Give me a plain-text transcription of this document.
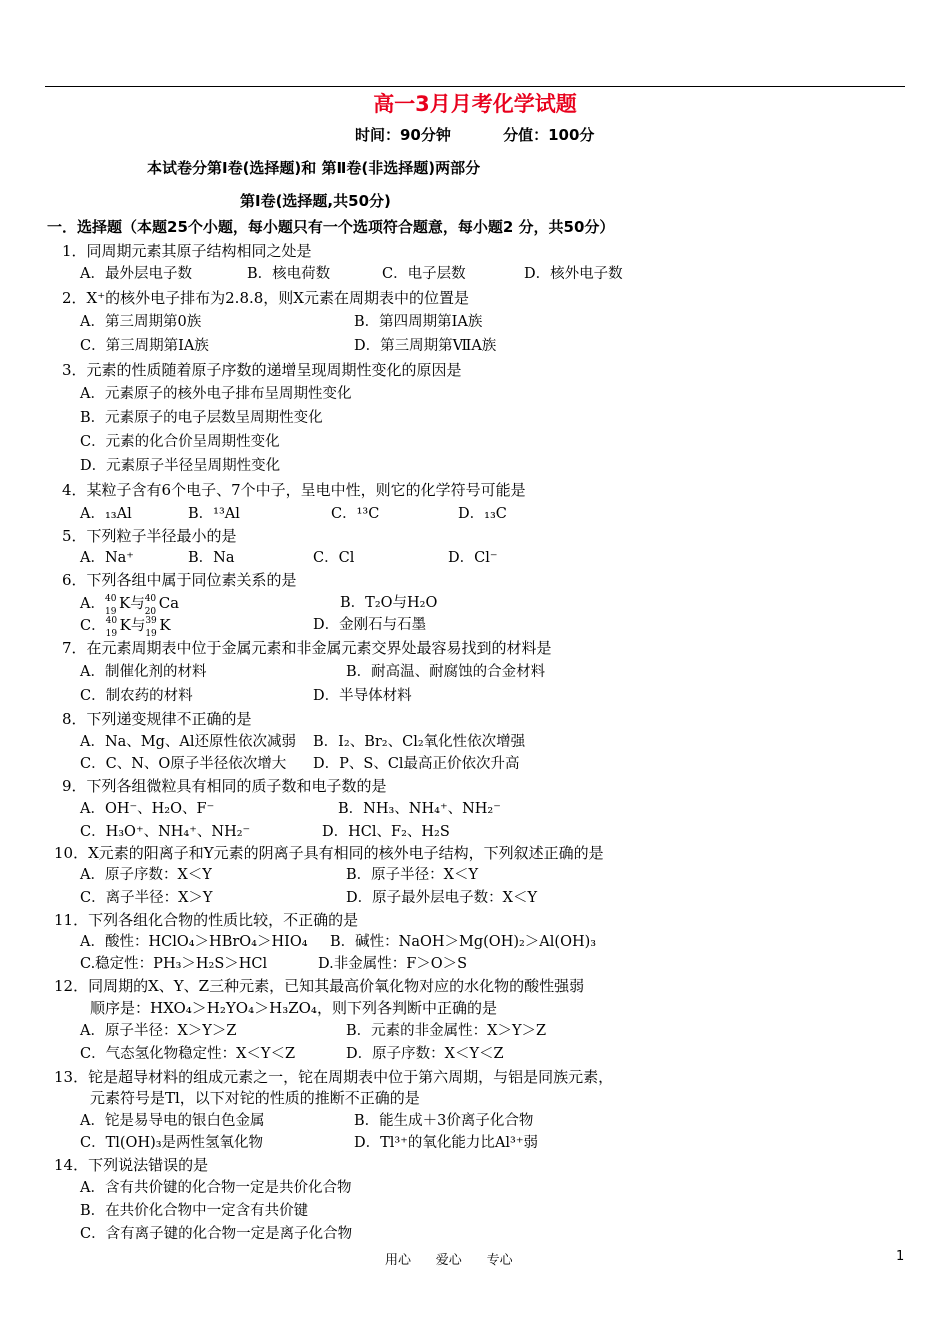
高一3月月考化学试题
时间：90分钟          分值：100分
本试卷分第Ⅰ卷(选择题)和 第Ⅱ卷(非选择题)两部分
第Ⅰ卷(选择题,共50分)
一．选择题（本题25个小题，每小题只有一个选项符合题意，每小题2 分，共50分）
1．同周期元素其原子结构相同之处是
A．最外层电子数	B．核电荷数	C．电子层数	D．核外电子数
2．X⁺的核外电子排布为2.8.8，则X元素在周期表中的位置是
A．第三周期第0族	B．第四周期第ⅠA族
C．第三周期第ⅠA族	D．第三周期第ⅦA族
3．元素的性质随着原子序数的递增呈现周期性变化的原因是
A．元素原子的核外电子排布呈周期性变化
B．元素原子的电子层数呈周期性变化
C．元素的化合价呈周期性变化
D．元素原子半径呈周期性变化
4．某粒子含有6个电子、7个中子，呈电中性，则它的化学符号可能是
A．₁₃Al	B．¹³Al	C．¹³C	D．₁₃C
5．下列粒子半径最小的是
A．Na⁺	B．Na	C．Cl	D．Cl⁻
6．下列各组中属于同位素关系的是
A． 40
19 K与 40
20 Ca	B．T₂O与H₂O
C． 40
19 K与 39
19 K	D．金刚石与石墨
7．在元素周期表中位于金属元素和非金属元素交界处最容易找到的材料是
A．制催化剂的材料	B．耐高温、耐腐蚀的合金材料
C．制农药的材料	D．半导体材料
8．下列递变规律不正确的是
A．Na、Mg、Al还原性依次减弱 B．I₂、Br₂、Cl₂氧化性依次增强
C．C、N、O原子半径依次增大 D．P、S、Cl最高正价依次升高
9．下列各组微粒具有相同的质子数和电子数的是
A．OH⁻、H₂O、F⁻	B．NH₃、NH₄⁺、NH₂⁻
C．H₃O⁺、NH₄⁺、NH₂⁻	D．HCl、F₂、H₂S
10．X元素的阳离子和Y元素的阴离子具有相同的核外电子结构，下列叙述正确的是
A．原子序数：X＜Y	B．原子半径：X＜Y
C．离子半径：X＞Y	D．原子最外层电子数：X＜Y
11．下列各组化合物的性质比较，不正确的是
A．酸性：HClO₄＞HBrO₄＞HIO₄ B．碱性：NaOH＞Mg(OH)₂＞Al(OH)₃
C.稳定性：PH₃＞H₂S＞HCl	D.非金属性：F＞O＞S
12．同周期的X、Y、Z三种元素，已知其最高价氧化物对应的水化物的酸性强弱
顺序是：HXO₄＞H₂YO₄＞H₃ZO₄，则下列各判断中正确的是
A．原子半径：X＞Y＞Z	B．元素的非金属性：X＞Y＞Z
C．气态氢化物稳定性：X＜Y＜Z	D．原子序数：X＜Y＜Z
13．铊是超导材料的组成元素之一，铊在周期表中位于第六周期，与铝是同族元素，
元素符号是Tl，以下对铊的性质的推断不正确的是
A．铊是易导电的银白色金属	B．能生成＋3价离子化合物
C．Tl(OH)₃是两性氢氧化物	D．Tl³⁺的氧化能力比Al³⁺弱
14．下列说法错误的是
A．含有共价键的化合物一定是共价化合物
B．在共价化合物中一定含有共价键
C．含有离子键的化合物一定是离子化合物
用心      爱心      专心	1
